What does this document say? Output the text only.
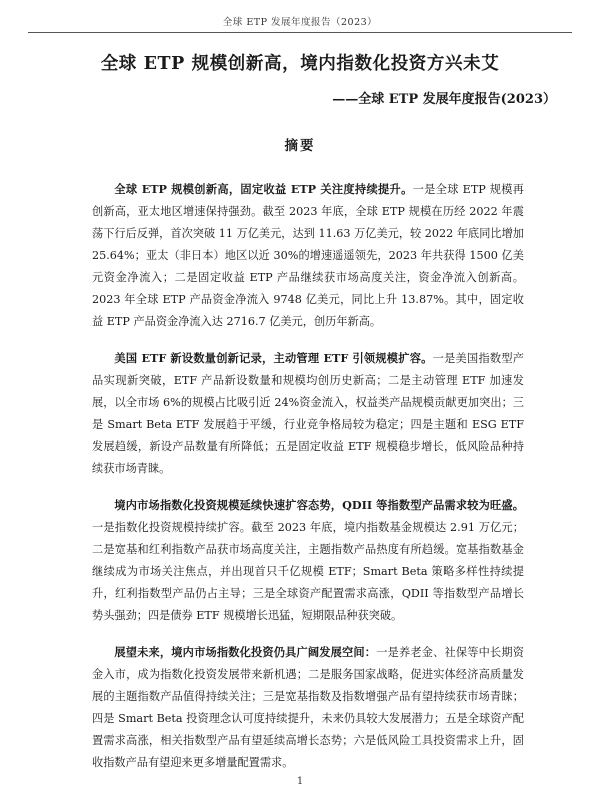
全球 ETP 发展年度报告（2023）
全球 ETP 规模创新高，境内指数化投资方兴未艾
——全球 ETP 发展年度报告(2023）
摘要

全球 ETP 规模创新高，固定收益 ETP 关注度持续提升。一是全球 ETP 规模再创新高，亚太地区增速保持强劲。截至 2023 年底，全球 ETP 规模在历经 2022 年震荡下行后反弹，首次突破 11 万亿美元，达到 11.63 万亿美元，较 2022 年底同比增加 25.64%；亚太（非日本）地区以近 30%的增速遥遥领先，2023 年共获得 1500 亿美元资金净流入；二是固定收益 ETP 产品继续获市场高度关注，资金净流入创新高。2023 年全球 ETP 产品资金净流入 9748 亿美元，同比上升 13.87%。其中，固定收益 ETP 产品资金净流入达 2716.7 亿美元，创历年新高。

美国 ETF 新设数量创新记录，主动管理 ETF 引领规模扩容。一是美国指数型产品实现新突破，ETF 产品新设数量和规模均创历史新高；二是主动管理 ETF 加速发展，以全市场 6%的规模占比吸引近 24%资金流入，权益类产品规模贡献更加突出；三是 Smart Beta ETF 发展趋于平缓，行业竞争格局较为稳定；四是主题和 ESG ETF 发展趋缓，新设产品数量有所降低；五是固定收益 ETF 规模稳步增长，低风险品种持续获市场青睐。

境内市场指数化投资规模延续快速扩容态势，QDII 等指数型产品需求较为旺盛。一是指数化投资规模持续扩容。截至 2023 年底，境内指数基金规模达 2.91 万亿元；二是宽基和红利指数产品获市场高度关注，主题指数产品热度有所趋缓。宽基指数基金继续成为市场关注焦点，并出现首只千亿规模 ETF；Smart Beta 策略多样性持续提升，红利指数型产品仍占主导；三是全球资产配置需求高涨，QDII 等指数型产品增长势头强劲；四是债券 ETF 规模增长迅猛，短期限品种获突破。

展望未来，境内市场指数化投资仍具广阔发展空间：一是养老金、社保等中长期资金入市，成为指数化投资发展带来新机遇；二是服务国家战略，促进实体经济高质量发展的主题指数产品值得持续关注；三是宽基指数及指数增强产品有望持续获市场青睐；四是 Smart Beta 投资理念认可度持续提升，未来仍具较大发展潜力；五是全球资产配置需求高涨，相关指数型产品有望延续高增长态势；六是低风险工具投资需求上升，固收指数产品有望迎来更多增量配置需求。

1
